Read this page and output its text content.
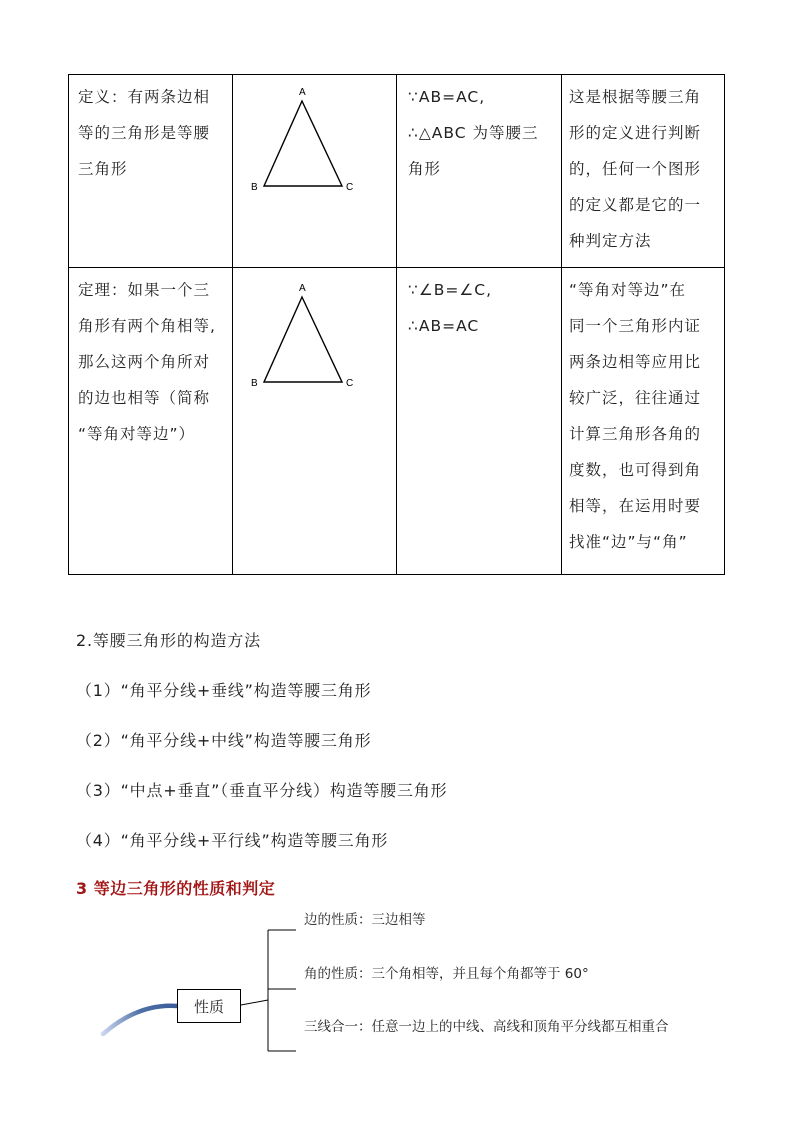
定义：有两条边相
等的三角形是等腰
三角形
A
B	C
∵AB=AC,
∴△ABC 为等腰三
角形
这是根据等腰三角
形的定义进行判断
的，任何一个图形
的定义都是它的一
种判定方法
定理：如果一个三
角形有两个角相等,
那么这两个角所对
的边也相等（简称
“等角对等边”）
A
B	C
∵∠B=∠C,
∴AB=AC
“等角对等边”在
同一个三角形内证
两条边相等应用比
较广泛，往往通过
计算三角形各角的
度数，也可得到角
相等，在运用时要
找准“边”与“角”
2.等腰三角形的构造方法
（1）“角平分线+垂线”构造等腰三角形
（2）“角平分线+中线”构造等腰三角形
（3）“中点+垂直”（垂直平分线）构造等腰三角形
（4）“角平分线+平行线”构造等腰三角形
3 等边三角形的性质和判定
性质
边的性质：三边相等
角的性质：三个角相等，并且每个角都等于 60°
三线合一：任意一边上的中线、高线和顶角平分线都互相重合
